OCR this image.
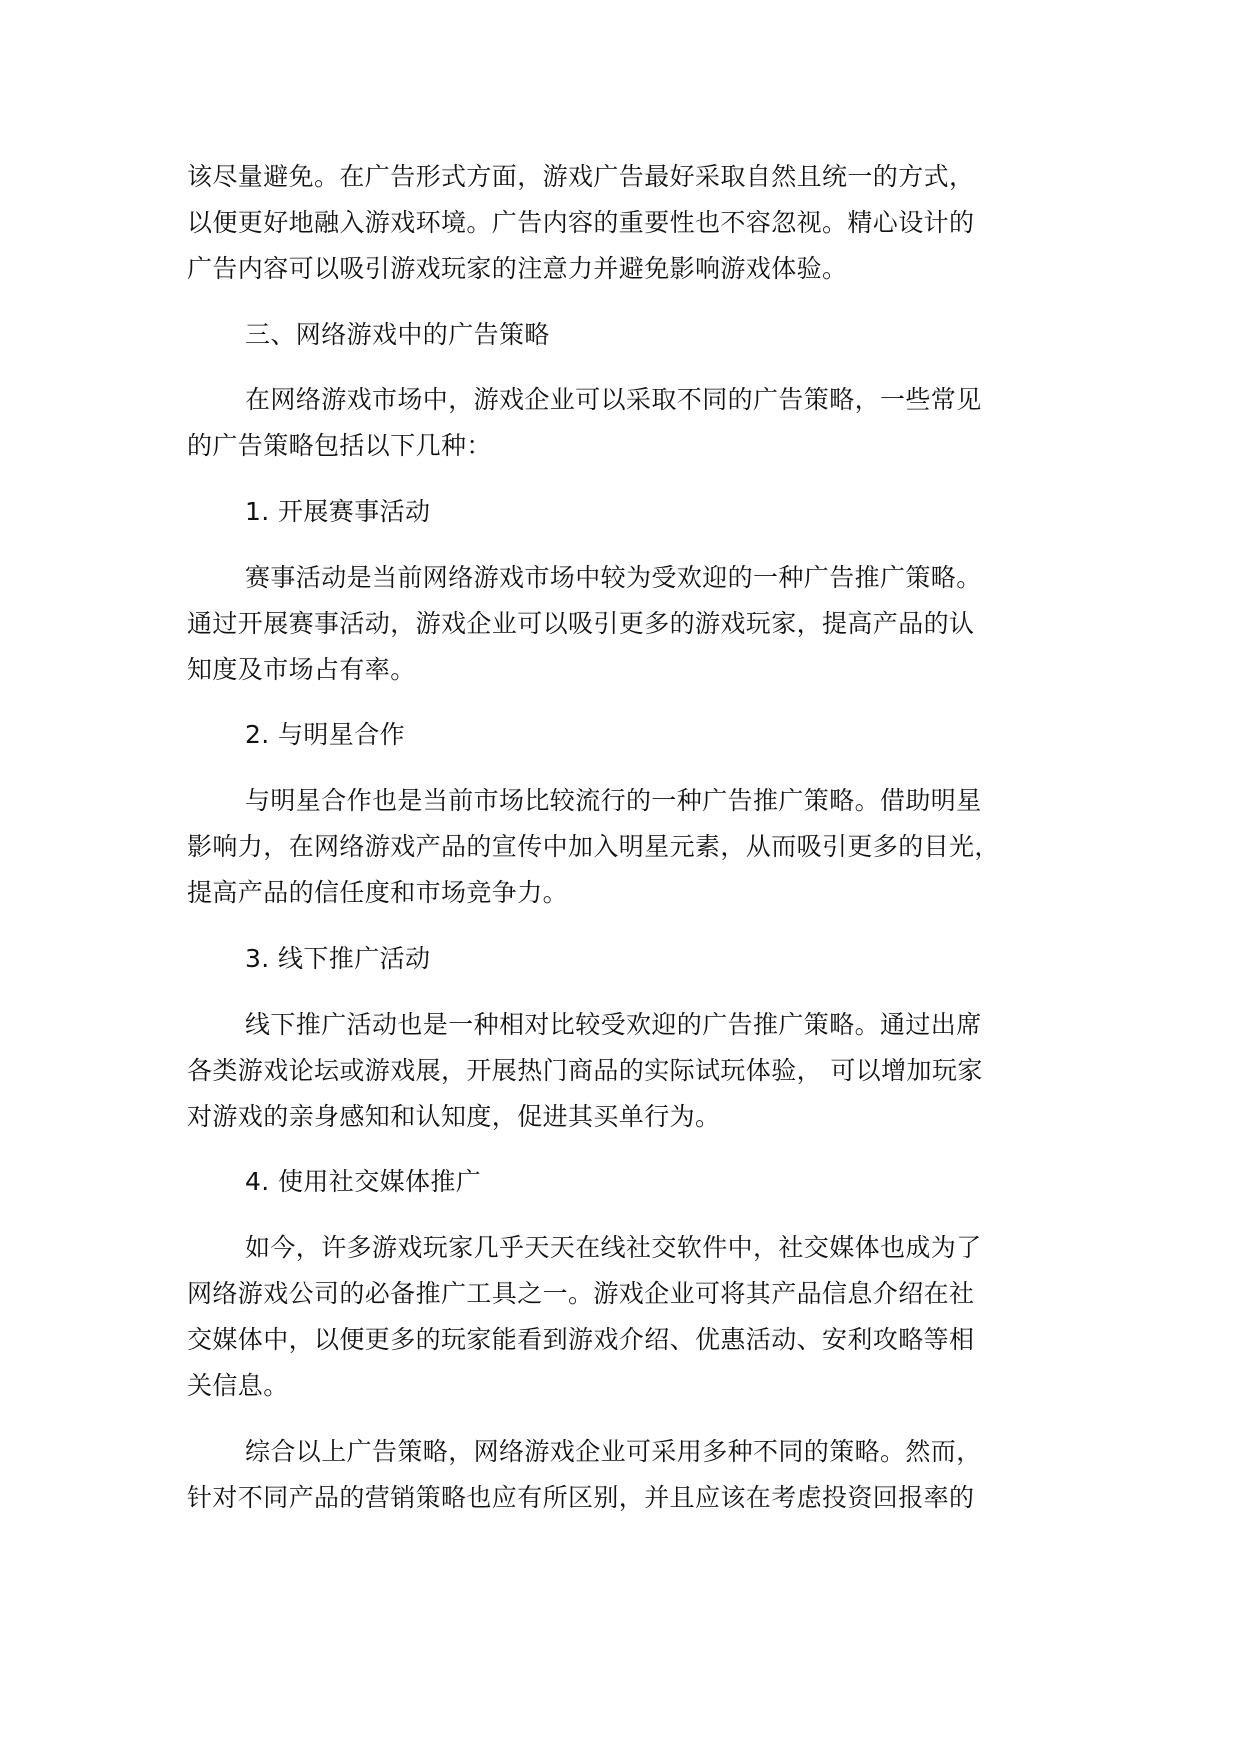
该尽量避免。在广告形式方面，游戏广告最好采取自然且统一的方式，
以便更好地融入游戏环境。广告内容的重要性也不容忽视。精心设计的
广告内容可以吸引游戏玩家的注意力并避免影响游戏体验。
三、网络游戏中的广告策略
在网络游戏市场中，游戏企业可以采取不同的广告策略，一些常见
的广告策略包括以下几种：
1. 开展赛事活动
赛事活动是当前网络游戏市场中较为受欢迎的一种广告推广策略。
通过开展赛事活动，游戏企业可以吸引更多的游戏玩家，提高产品的认
知度及市场占有率。
2. 与明星合作
与明星合作也是当前市场比较流行的一种广告推广策略。借助明星
影响力，在网络游戏产品的宣传中加入明星元素，从而吸引更多的目光，
提高产品的信任度和市场竞争力。
3. 线下推广活动
线下推广活动也是一种相对比较受欢迎的广告推广策略。通过出席
各类游戏论坛或游戏展，开展热门商品的实际试玩体验， 可以增加玩家
对游戏的亲身感知和认知度，促进其买单行为。
4. 使用社交媒体推广
如今，许多游戏玩家几乎天天在线社交软件中，社交媒体也成为了
网络游戏公司的必备推广工具之一。游戏企业可将其产品信息介绍在社
交媒体中，以便更多的玩家能看到游戏介绍、优惠活动、安利攻略等相
关信息。
综合以上广告策略，网络游戏企业可采用多种不同的策略。然而，
针对不同产品的营销策略也应有所区别，并且应该在考虑投资回报率的
